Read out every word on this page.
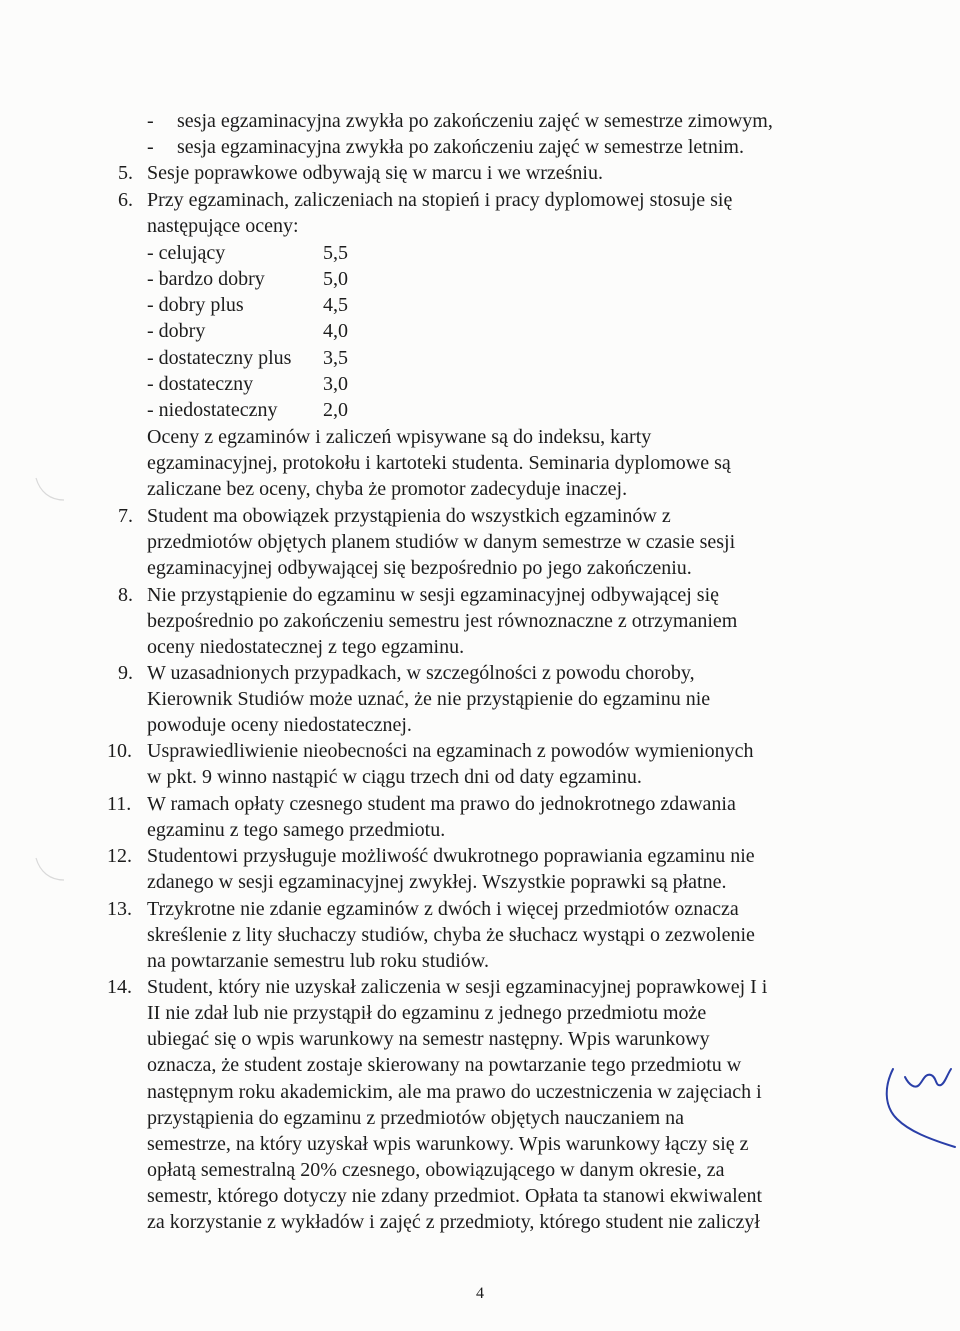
- sesja egzaminacyjna zwykła po zakończeniu zajęć w semestrze zimowym,
- sesja egzaminacyjna zwykła po zakończeniu zajęć w semestrze letnim.
5. Sesje poprawkowe odbywają się w marcu i we wrześniu.
6. Przy egzaminach, zaliczeniach na stopień i pracy dyplomowej stosuje się
następujące oceny:
- celujący	5,5
- bardzo dobry	5,0
- dobry plus	4,5
- dobry	4,0
- dostateczny plus 3,5
- dostateczny	3,0
- niedostateczny 2,0
Oceny z egzaminów i zaliczeń wpisywane są do indeksu, karty
egzaminacyjnej, protokołu i kartoteki studenta. Seminaria dyplomowe są
zaliczane bez oceny, chyba że promotor zadecyduje inaczej.
7. Student ma obowiązek przystąpienia do wszystkich egzaminów z
przedmiotów objętych planem studiów w danym semestrze w czasie sesji
egzaminacyjnej odbywającej się bezpośrednio po jego zakończeniu.
8. Nie przystąpienie do egzaminu w sesji egzaminacyjnej odbywającej się
bezpośrednio po zakończeniu semestru jest równoznaczne z otrzymaniem
oceny niedostatecznej z tego egzaminu.
9. W uzasadnionych przypadkach, w szczególności z powodu choroby,
Kierownik Studiów może uznać, że nie przystąpienie do egzaminu nie
powoduje oceny niedostatecznej.
10. Usprawiedliwienie nieobecności na egzaminach z powodów wymienionych
w pkt. 9 winno nastąpić w ciągu trzech dni od daty egzaminu.
11. W ramach opłaty czesnego student ma prawo do jednokrotnego zdawania
egzaminu z tego samego przedmiotu.
12. Studentowi przysługuje możliwość dwukrotnego poprawiania egzaminu nie
zdanego w sesji egzaminacyjnej zwykłej. Wszystkie poprawki są płatne.
13. Trzykrotne nie zdanie egzaminów z dwóch i więcej przedmiotów oznacza
skreślenie z lity słuchaczy studiów, chyba że słuchacz wystąpi o zezwolenie
na powtarzanie semestru lub roku studiów.
14. Student, który nie uzyskał zaliczenia w sesji egzaminacyjnej poprawkowej I i
II nie zdał lub nie przystąpił do egzaminu z jednego przedmiotu może
ubiegać się o wpis warunkowy na semestr następny. Wpis warunkowy
oznacza, że student zostaje skierowany na powtarzanie tego przedmiotu w
następnym roku akademickim, ale ma prawo do uczestniczenia w zajęciach i
przystąpienia do egzaminu z przedmiotów objętych nauczaniem na
semestrze, na który uzyskał wpis warunkowy. Wpis warunkowy łączy się z
opłatą semestralną 20% czesnego, obowiązującego w danym okresie, za
semestr, którego dotyczy nie zdany przedmiot. Opłata ta stanowi ekwiwalent
za korzystanie z wykładów i zajęć z przedmioty, którego student nie zaliczył
4
